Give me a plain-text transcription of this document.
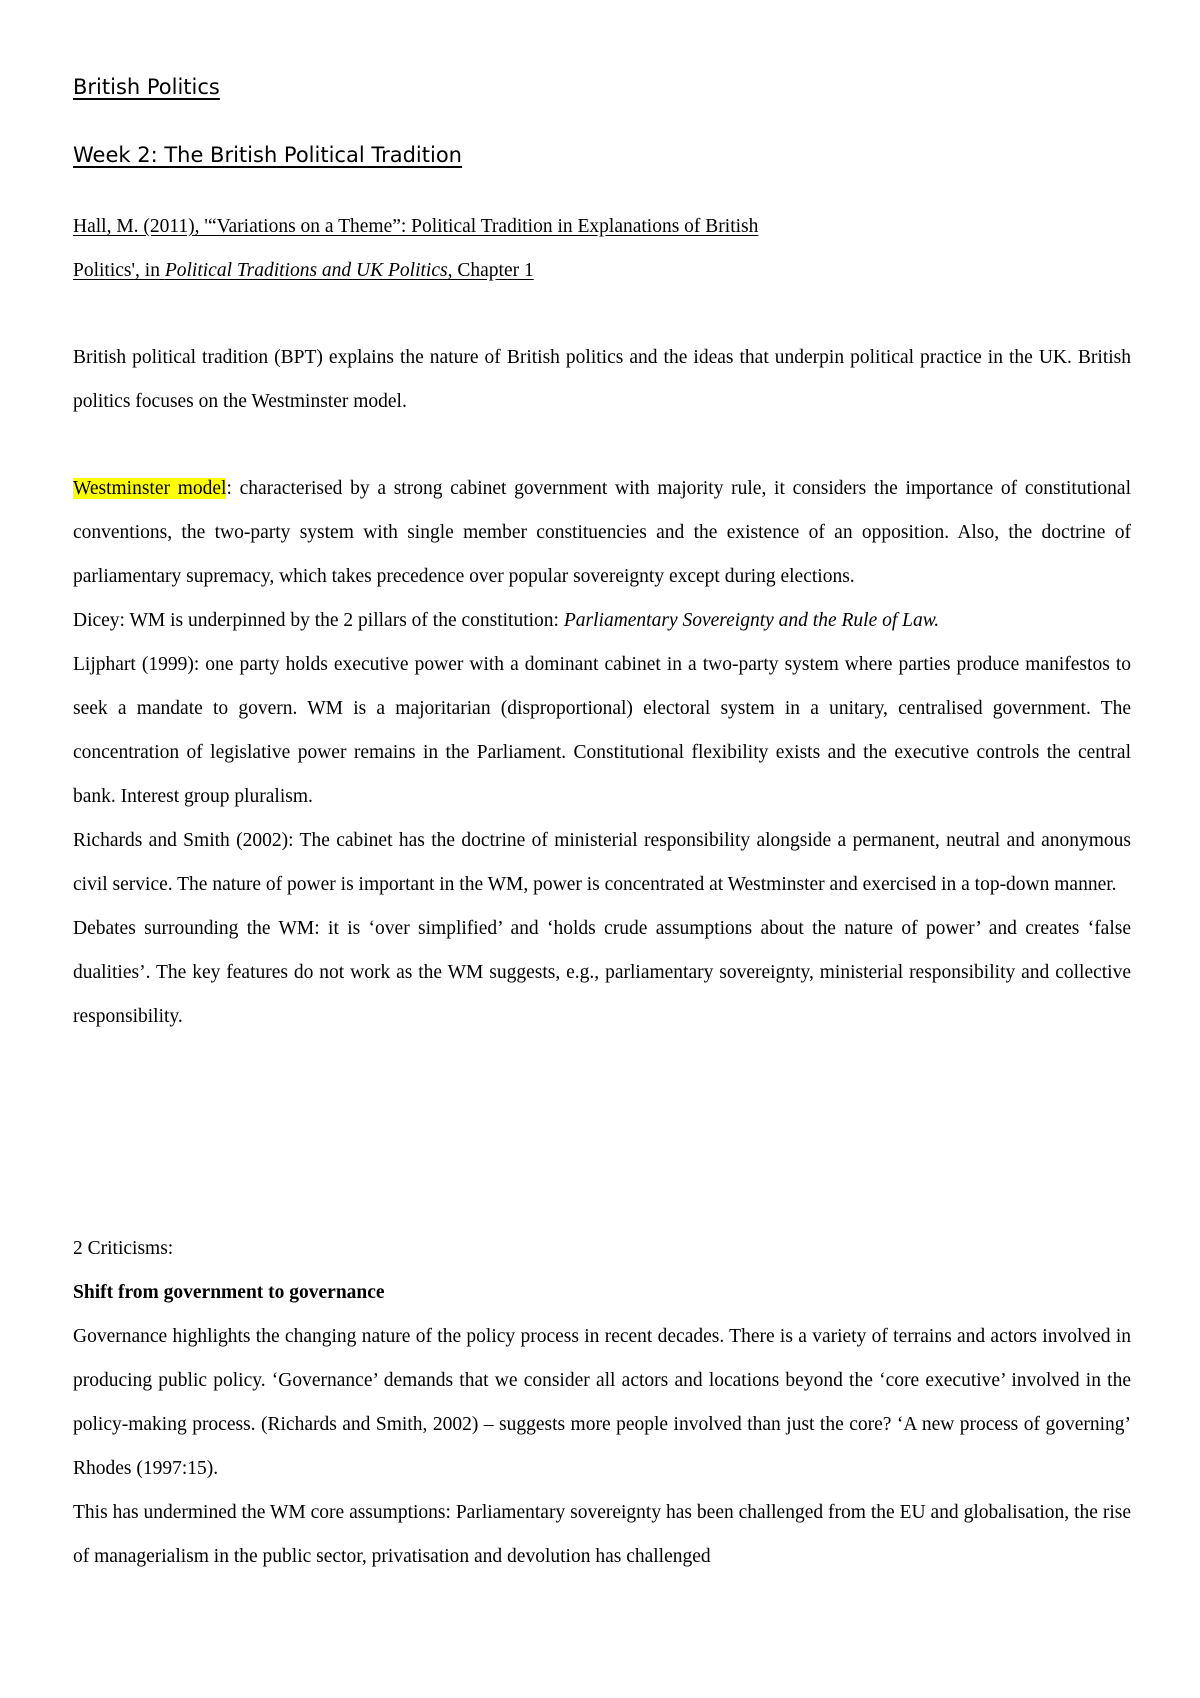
British Politics
Week 2: The British Political Tradition
Hall, M. (2011), '“Variations on a Theme”: Political Tradition in Explanations of British
Politics', in Political Traditions and UK Politics, Chapter 1

British political tradition (BPT) explains the nature of British politics and the ideas that underpin political practice in the UK. British politics focuses on the Westminster model.

Westminster model: characterised by a strong cabinet government with majority rule, it considers the importance of constitutional conventions, the two-party system with single member constituencies and the existence of an opposition. Also, the doctrine of parliamentary supremacy, which takes precedence over popular sovereignty except during elections.
Dicey: WM is underpinned by the 2 pillars of the constitution: Parliamentary Sovereignty and the Rule of Law.
Lijphart (1999): one party holds executive power with a dominant cabinet in a two-party system where parties produce manifestos to seek a mandate to govern. WM is a majoritarian (disproportional) electoral system in a unitary, centralised government. The concentration of legislative power remains in the Parliament. Constitutional flexibility exists and the executive controls the central bank. Interest group pluralism.
Richards and Smith (2002): The cabinet has the doctrine of ministerial responsibility alongside a permanent, neutral and anonymous civil service. The nature of power is important in the WM, power is concentrated at Westminster and exercised in a top-down manner.
Debates surrounding the WM: it is ‘over simplified’ and ‘holds crude assumptions about the nature of power’ and creates ‘false dualities’. The key features do not work as the WM suggests, e.g., parliamentary sovereignty, ministerial responsibility and collective responsibility.

2 Criticisms:

Shift from government to governance

Governance highlights the changing nature of the policy process in recent decades. There is a variety of terrains and actors involved in producing public policy. ‘Governance’ demands that we consider all actors and locations beyond the ‘core executive’ involved in the policy-making process. (Richards and Smith, 2002) – suggests more people involved than just the core? ‘A new process of governing’ Rhodes (1997:15).
This has undermined the WM core assumptions: Parliamentary sovereignty has been challenged from the EU and globalisation, the rise of managerialism in the public sector, privatisation and devolution has challenged
